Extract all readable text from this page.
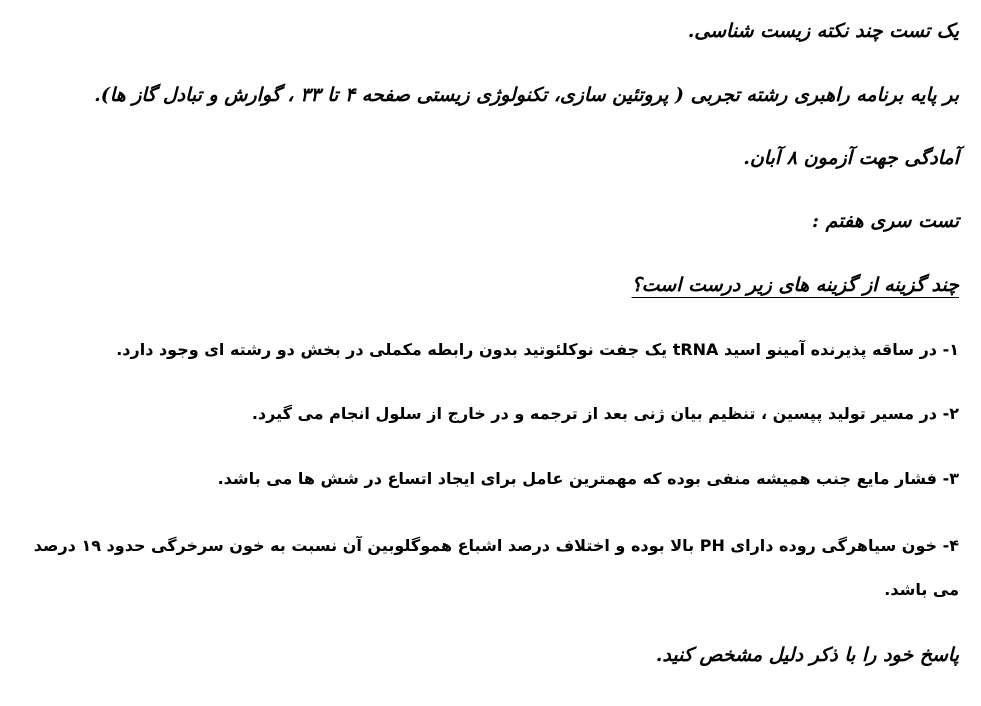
یک تست چند نکته زیست شناسی.

بر پایه برنامه راهبری رشته تجربی ( پروتئین سازی، تکنولوژی زیستی صفحه ۴ تا ۳۳ ، گوارش و تبادل گاز ها).

آمادگی جهت آزمون ۸ آبان.

تست سری هفتم :

چند گزینه از گزینه های زیر درست است؟

۱- در ساقه پذیرنده آمینو اسید tRNA یک جفت نوکلئوتید بدون رابطه مکملی در بخش دو رشته ای وجود دارد.

۲- در مسیر تولید پپسین ، تنظیم بیان ژنی بعد از ترجمه و در خارج از سلول انجام می گیرد.

۳- فشار مایع جنب همیشه منفی بوده که مهمترین عامل برای ایجاد اتساع در شش ها می باشد.

۴- خون سیاهرگی روده دارای PH بالا بوده و اختلاف درصد اشباع هموگلوبین آن نسبت به خون سرخرگی حدود ۱۹ درصد

می باشد.

پاسخ خود را با ذکر دلیل مشخص کنید.
